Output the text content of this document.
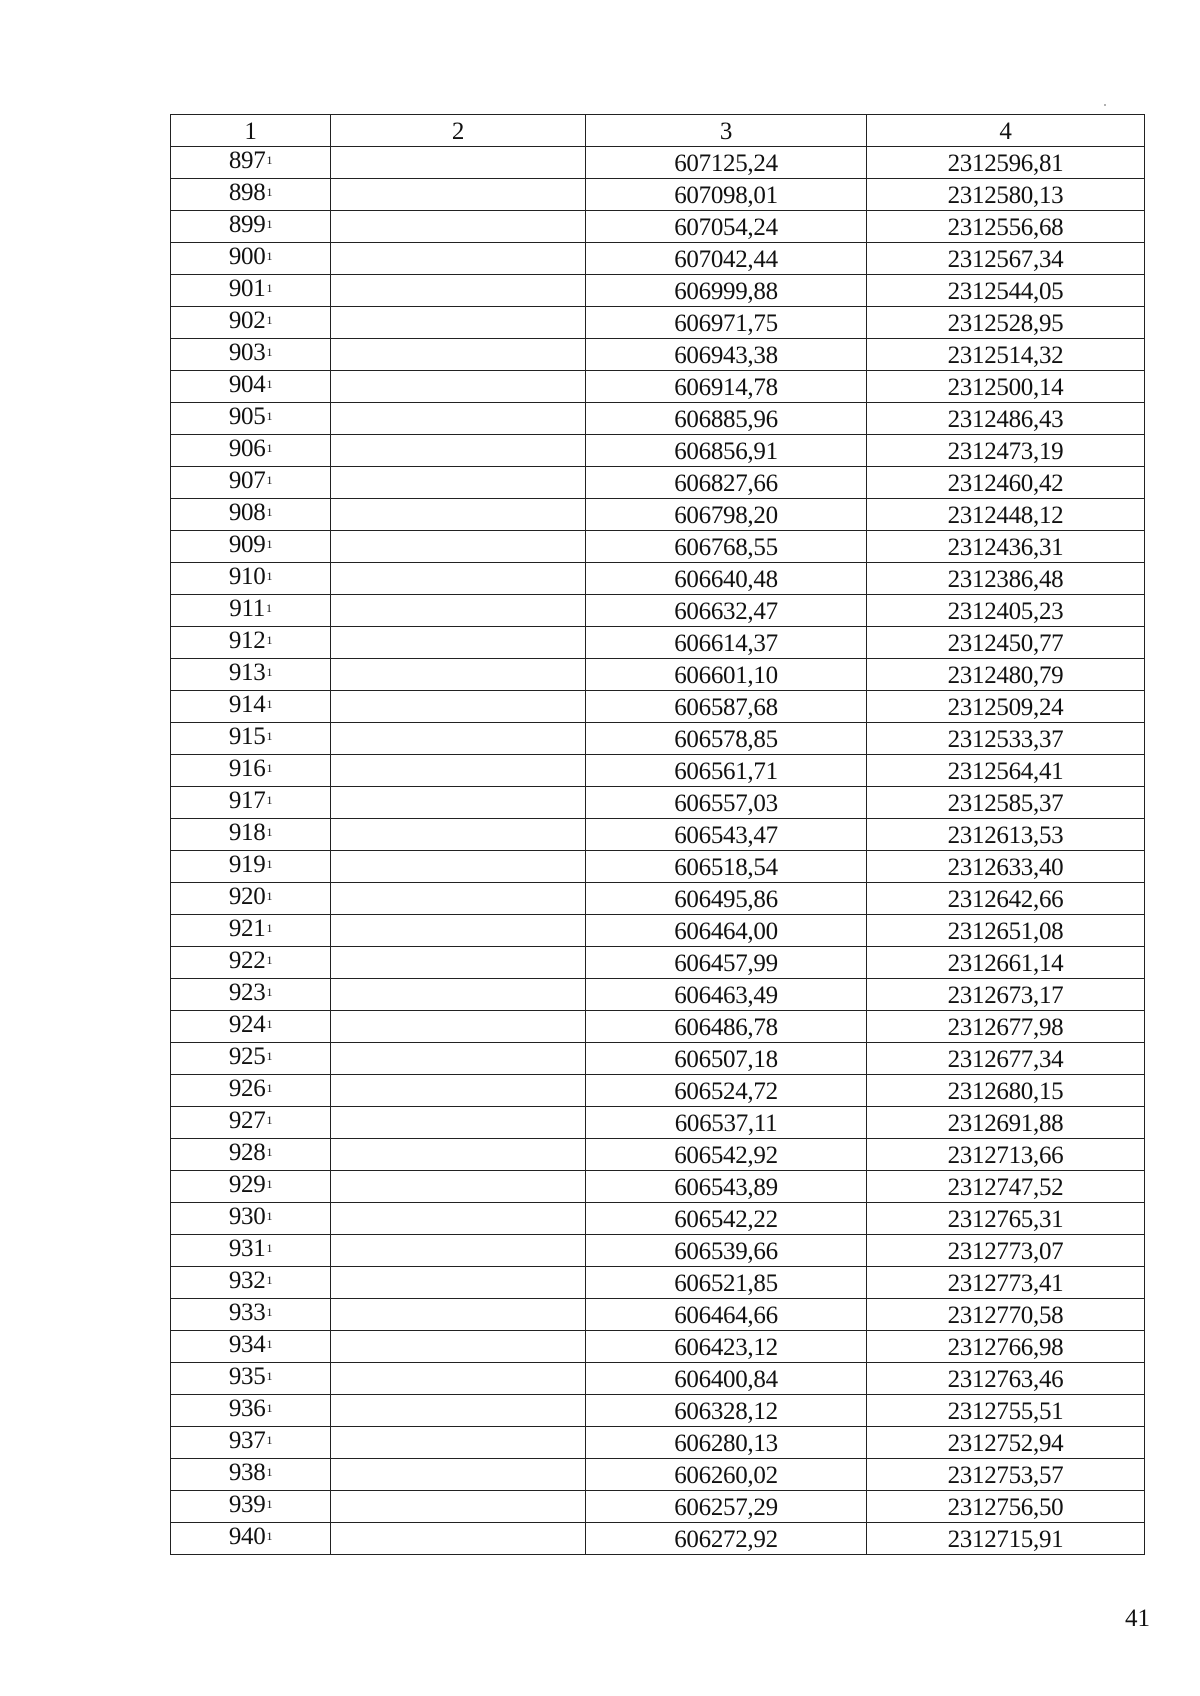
1	2	3	4
$897^1$		607125,24	2312596,81
$898^1$		607098,01	2312580,13
$899^1$		607054,24	2312556,68
$900^1$		607042,44	2312567,34
$901^1$		606999,88	2312544,05
$902^1$		606971,75	2312528,95
$903^1$		606943,38	2312514,32
$904^1$		606914,78	2312500,14
$905^1$		606885,96	2312486,43
$906^1$		606856,91	2312473,19
$907^1$		606827,66	2312460,42
$908^1$		606798,20	2312448,12
$909^1$		606768,55	2312436,31
$910^1$		606640,48	2312386,48
$911^1$		606632,47	2312405,23
$912^1$		606614,37	2312450,77
$913^1$		606601,10	2312480,79
$914^1$		606587,68	2312509,24
$915^1$		606578,85	2312533,37
$916^1$		606561,71	2312564,41
$917^1$		606557,03	2312585,37
$918^1$		606543,47	2312613,53
$919^1$		606518,54	2312633,40
$920^1$		606495,86	2312642,66
$921^1$		606464,00	2312651,08
$922^1$		606457,99	2312661,14
$923^1$		606463,49	2312673,17
$924^1$		606486,78	2312677,98
$925^1$		606507,18	2312677,34
$926^1$		606524,72	2312680,15
$927^1$		606537,11	2312691,88
$928^1$		606542,92	2312713,66
$929^1$		606543,89	2312747,52
$930^1$		606542,22	2312765,31
$931^1$		606539,66	2312773,07
$932^1$		606521,85	2312773,41
$933^1$		606464,66	2312770,58
$934^1$		606423,12	2312766,98
$935^1$		606400,84	2312763,46
$936^1$		606328,12	2312755,51
$937^1$		606280,13	2312752,94
$938^1$		606260,02	2312753,57
$939^1$		606257,29	2312756,50
$940^1$		606272,92	2312715,91
41
